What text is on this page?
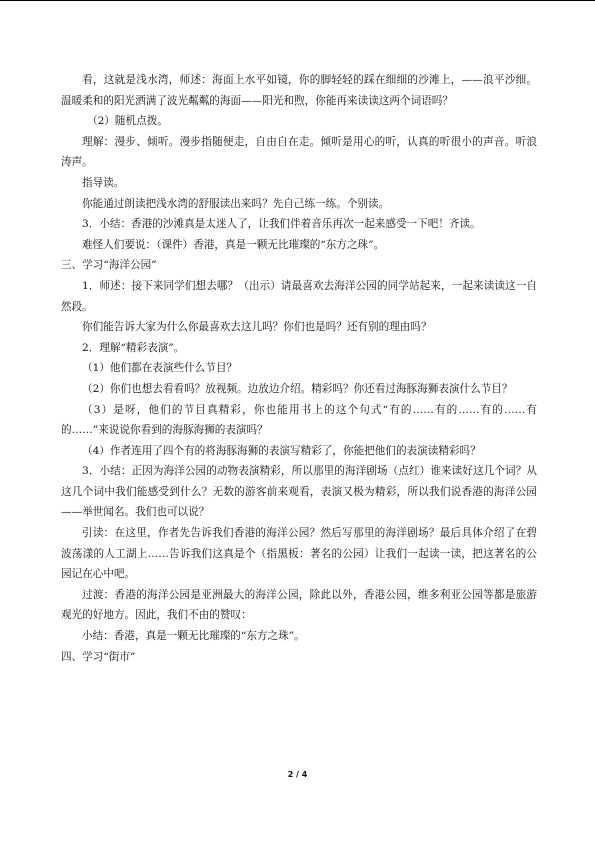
看，这就是浅水湾，师述：海面上水平如镜，你的脚轻轻的踩在细细的沙滩上，——浪平沙细。温暖柔和的阳光洒满了波光粼粼的海面——阳光和煦，你能再来读读这两个词语吗？

（2）随机点拨。

理解：漫步、倾听。漫步指随便走，自由自在走。倾听是用心的听，认真的听很小的声音。听浪涛声。

指导读。

你能通过朗读把浅水湾的舒服读出来吗？先自己练一练。个别读。

3．小结：香港的沙滩真是太迷人了，让我们伴着音乐再次一起来感受一下吧！齐读。

难怪人们要说：（课件）香港，真是一颗无比璀璨的“东方之珠”。

三、学习“海洋公园”

1．师述：接下来同学们想去哪？（出示）请最喜欢去海洋公园的同学站起来，一起来读读这一自然段。

你们能告诉大家为什么你最喜欢去这儿吗？你们也是吗？还有别的理由吗？

2．理解“精彩表演”。

（1）他们都在表演些什么节目？

（2）你们也想去看看吗？放视频。边放边介绍。精彩吗？你还看过海豚海狮表演什么节目？

（3）是呀，他们的节目真精彩，你也能用书上的这个句式“有的……有的……有的……有的……”来说说你看到的海豚海狮的表演吗？

（4）作者连用了四个有的将海豚海狮的表演写精彩了，你能把他们的表演读精彩吗？

3．小结：正因为海洋公园的动物表演精彩，所以那里的海洋剧场（点红）谁来读好这几个词？从这几个词中我们能感受到什么？无数的游客前来观看，表演又极为精彩，所以我们说香港的海洋公园——举世闻名。我们也可以说？

引读：在这里，作者先告诉我们香港的海洋公园？然后写那里的海洋剧场？最后具体介绍了在碧波荡漾的人工湖上……告诉我们这真是个（指黑板：著名的公园）让我们一起读一读，把这著名的公园记在心中吧。

过渡：香港的海洋公园是亚洲最大的海洋公园，除此以外，香港公园，维多利亚公园等都是旅游观光的好地方。因此，我们不由的赞叹：

小结：香港，真是一颗无比璀璨的“东方之珠”。

四、学习“街市”

2 / 4
